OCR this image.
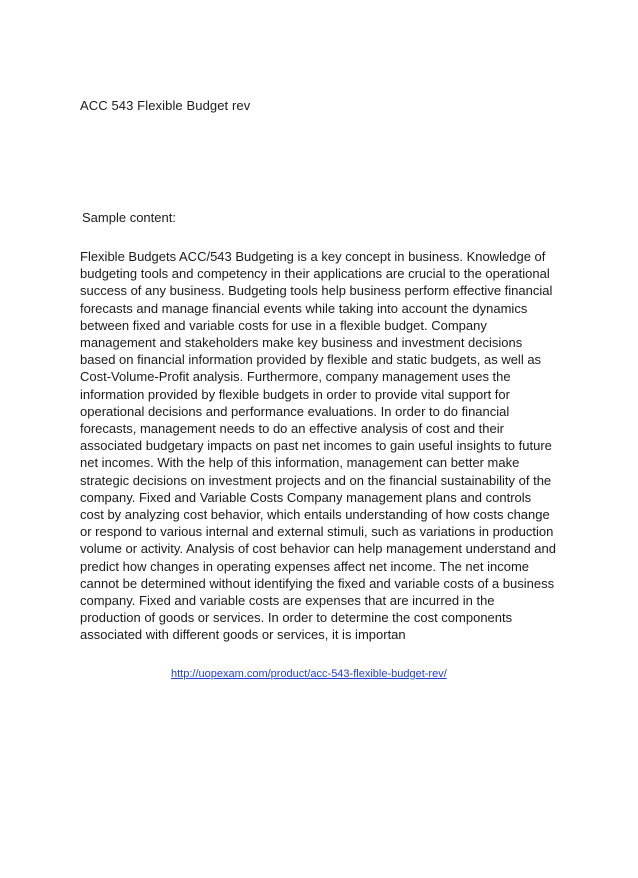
ACC 543 Flexible Budget rev
Sample content:
Flexible Budgets ACC/543 Budgeting is a key concept in business. Knowledge of
budgeting tools and competency in their applications are crucial to the operational
success of any business. Budgeting tools help business perform effective financial
forecasts and manage financial events while taking into account the dynamics
between fixed and variable costs for use in a flexible budget. Company
management and stakeholders make key business and investment decisions
based on financial information provided by flexible and static budgets, as well as
Cost-Volume-Profit analysis. Furthermore, company management uses the
information provided by flexible budgets in order to provide vital support for
operational decisions and performance evaluations. In order to do financial
forecasts, management needs to do an effective analysis of cost and their
associated budgetary impacts on past net incomes to gain useful insights to future
net incomes. With the help of this information, management can better make
strategic decisions on investment projects and on the financial sustainability of the
company. Fixed and Variable Costs Company management plans and controls
cost by analyzing cost behavior, which entails understanding of how costs change
or respond to various internal and external stimuli, such as variations in production
volume or activity. Analysis of cost behavior can help management understand and
predict how changes in operating expenses affect net income. The net income
cannot be determined without identifying the fixed and variable costs of a business
company. Fixed and variable costs are expenses that are incurred in the
production of goods or services. In order to determine the cost components
associated with different goods or services, it is importan
http://uopexam.com/product/acc-543-flexible-budget-rev/
